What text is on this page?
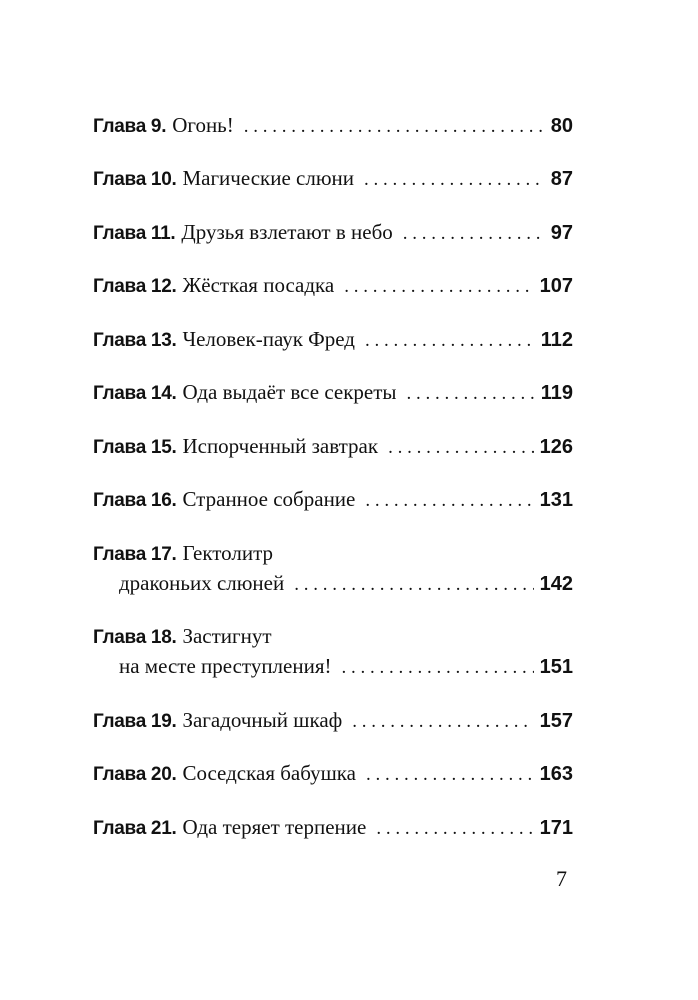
Глава 9. Огонь! . . .	80
Глава 10. Магические слюни . . .	87
Глава 11. Друзья взлетают в небо . . .	97
Глава 12. Жёсткая посадка . . .	107
Глава 13. Человек-паук Фред . . .	112
Глава 14. Ода выдаёт все секреты . . .	119
Глава 15. Испорченный завтрак . . .	126
Глава 16. Странное собрание . . .	131
Глава 17. Гектолитр
драконьих слюней . . .	142
Глава 18. Застигнут
на месте преступления! . . .	151
Глава 19. Загадочный шкаф . . .	157
Глава 20. Соседская бабушка . . .	163
Глава 21. Ода теряет терпение . . .	171
7
